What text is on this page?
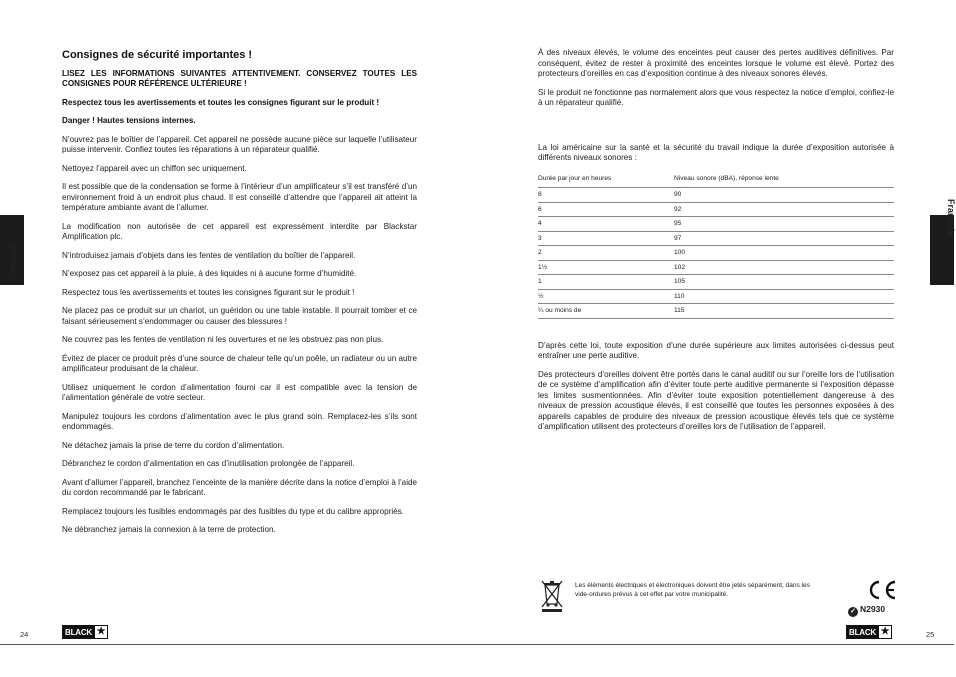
Français
Consignes de sécurité importantes !

LISEZ LES INFORMATIONS SUIVANTES ATTENTIVEMENT. CONSERVEZ TOUTES LES CONSIGNES POUR RÉFÉRENCE ULTÉRIEURE !

Respectez tous les avertissements et toutes les consignes figurant sur le produit !

Danger ! Hautes tensions internes.

N’ouvrez pas le boîtier de l’appareil. Cet appareil ne possède aucune pièce sur laquelle l’utilisateur puisse intervenir. Confiez toutes les réparations à un réparateur qualifié.

Nettoyez l’appareil avec un chiffon sec uniquement.

Il est possible que de la condensation se forme à l’intérieur d’un amplificateur s’il est transféré d’un environnement froid à un endroit plus chaud. Il est conseillé d’attendre que l’appareil ait atteint la température ambiante avant de l’allumer.

La modification non autorisée de cet appareil est expressément interdite par Blackstar Amplification plc.

N’introduisez jamais d’objets dans les fentes de ventilation du boîtier de l’appareil.

N’exposez pas cet appareil à la pluie, à des liquides ni à aucune forme d’humidité.

Respectez tous les avertissements et toutes les consignes figurant sur le produit !

Ne placez pas ce produit sur un chariot, un guéridon ou une table instable. Il pourrait tomber et ce faisant sérieusement s’endommager ou causer des blessures !

Ne couvrez pas les fentes de ventilation ni les ouvertures et ne les obstruez pas non plus.

Évitez de placer ce produit près d’une source de chaleur telle qu’un poêle, un radiateur ou un autre amplificateur produisant de la chaleur.

Utilisez uniquement le cordon d’alimentation fourni car il est compatible avec la tension de l’alimentation générale de votre secteur.

Manipulez toujours les cordons d’alimentation avec le plus grand soin. Remplacez-les s’ils sont endommagés.

Ne détachez jamais la prise de terre du cordon d’alimentation.

Débranchez le cordon d’alimentation en cas d’inutilisation prolongée de l’appareil.

Avant d’allumer l’appareil, branchez l’enceinte de la manière décrite dans la notice d’emploi à l’aide du cordon recommandé par le fabricant.

Remplacez toujours les fusibles endommagés par des fusibles du type et du calibre appropriés.

Ne débranchez jamais la connexion à la terre de protection.

24	BLACK ★
Français

À des niveaux élevés, le volume des enceintes peut causer des pertes auditives définitives. Par conséquent, évitez de rester à proximité des enceintes lorsque le volume est élevé. Portez des protecteurs d’oreilles en cas d’exposition continue à des niveaux sonores élevés.

Si le produit ne fonctionne pas normalement alors que vous respectez la notice d’emploi, confiez-le à un réparateur qualifié.

La loi américaine sur la santé et la sécurité du travail indique la durée d’exposition autorisée à différents niveaux sonores :

Durée par jour en heures	Niveau sonore (dBA), réponse lente
8	90
6	92
4	95
3	97
2	100
1½	102
1	105
½	110
¼ ou moins de	115

D’après cette loi, toute exposition d’une durée supérieure aux limites autorisées ci-dessus peut entraîner une perte auditive.

Des protecteurs d’oreilles doivent être portés dans le canal auditif ou sur l’oreille lors de l’utilisation de ce système d’amplification afin d’éviter toute perte auditive permanente si l’exposition dépasse les limites susmentionnées. Afin d’éviter toute exposition potentiellement dangereuse à des niveaux de pression acoustique élevés, il est conseillé que toutes les personnes exposées à des appareils capables de produire des niveaux de pression acoustique élevés tels que ce système d’amplification utilisent des protecteurs d’oreilles lors de l’utilisation de l’appareil.

Les éléments électriques et électroniques doivent être jetés séparément, dans les vide-ordures prévus à cet effet par votre municipalité.
✓ N2930
25
BLACK ★
